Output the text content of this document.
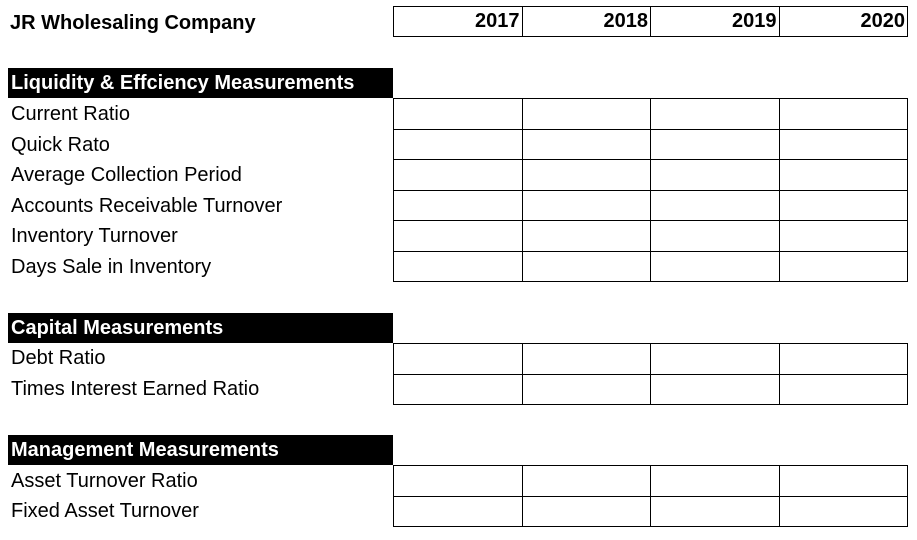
JR Wholesaling Company	2017	2018	2019	2020
Liquidity & Effciency Measurements
Current Ratio
Quick Rato
Average Collection Period
Accounts Receivable Turnover
Inventory Turnover
Days Sale in Inventory
Capital Measurements
Debt Ratio
Times Interest Earned Ratio
Management Measurements
Asset Turnover Ratio
Fixed Asset Turnover
